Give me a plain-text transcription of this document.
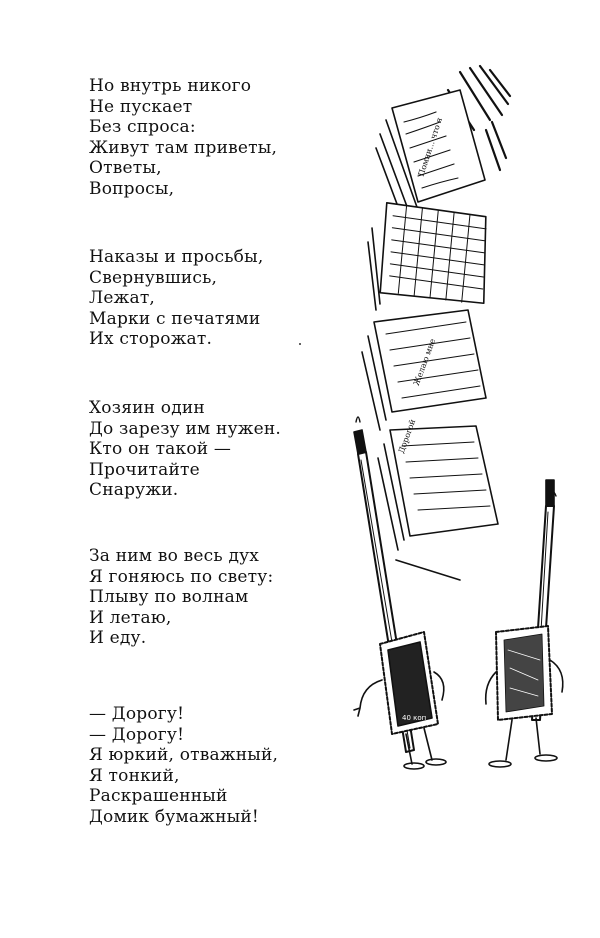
Но внутрь никого
Не пускает
Без спроса:
Живут там приветы,
Ответы,
Вопросы,
Наказы и просьбы,
Свернувшись,
Лежат,
Марки с печатями
Их сторожат.
Хозяин один
До зарезу им нужен.
Кто он такой —
Прочитайте
Снаружи.
За ним во весь дух
Я гоняюсь по свету:
Плыву по волнам
И летаю,
И еду.
— Дорогу!
— Дорогу!
Я юркий, отважный,
Я тонкий,
Раскрашенный
Домик бумажный!
Помни… что я
Желаю мне
Дорогой
40 коп
